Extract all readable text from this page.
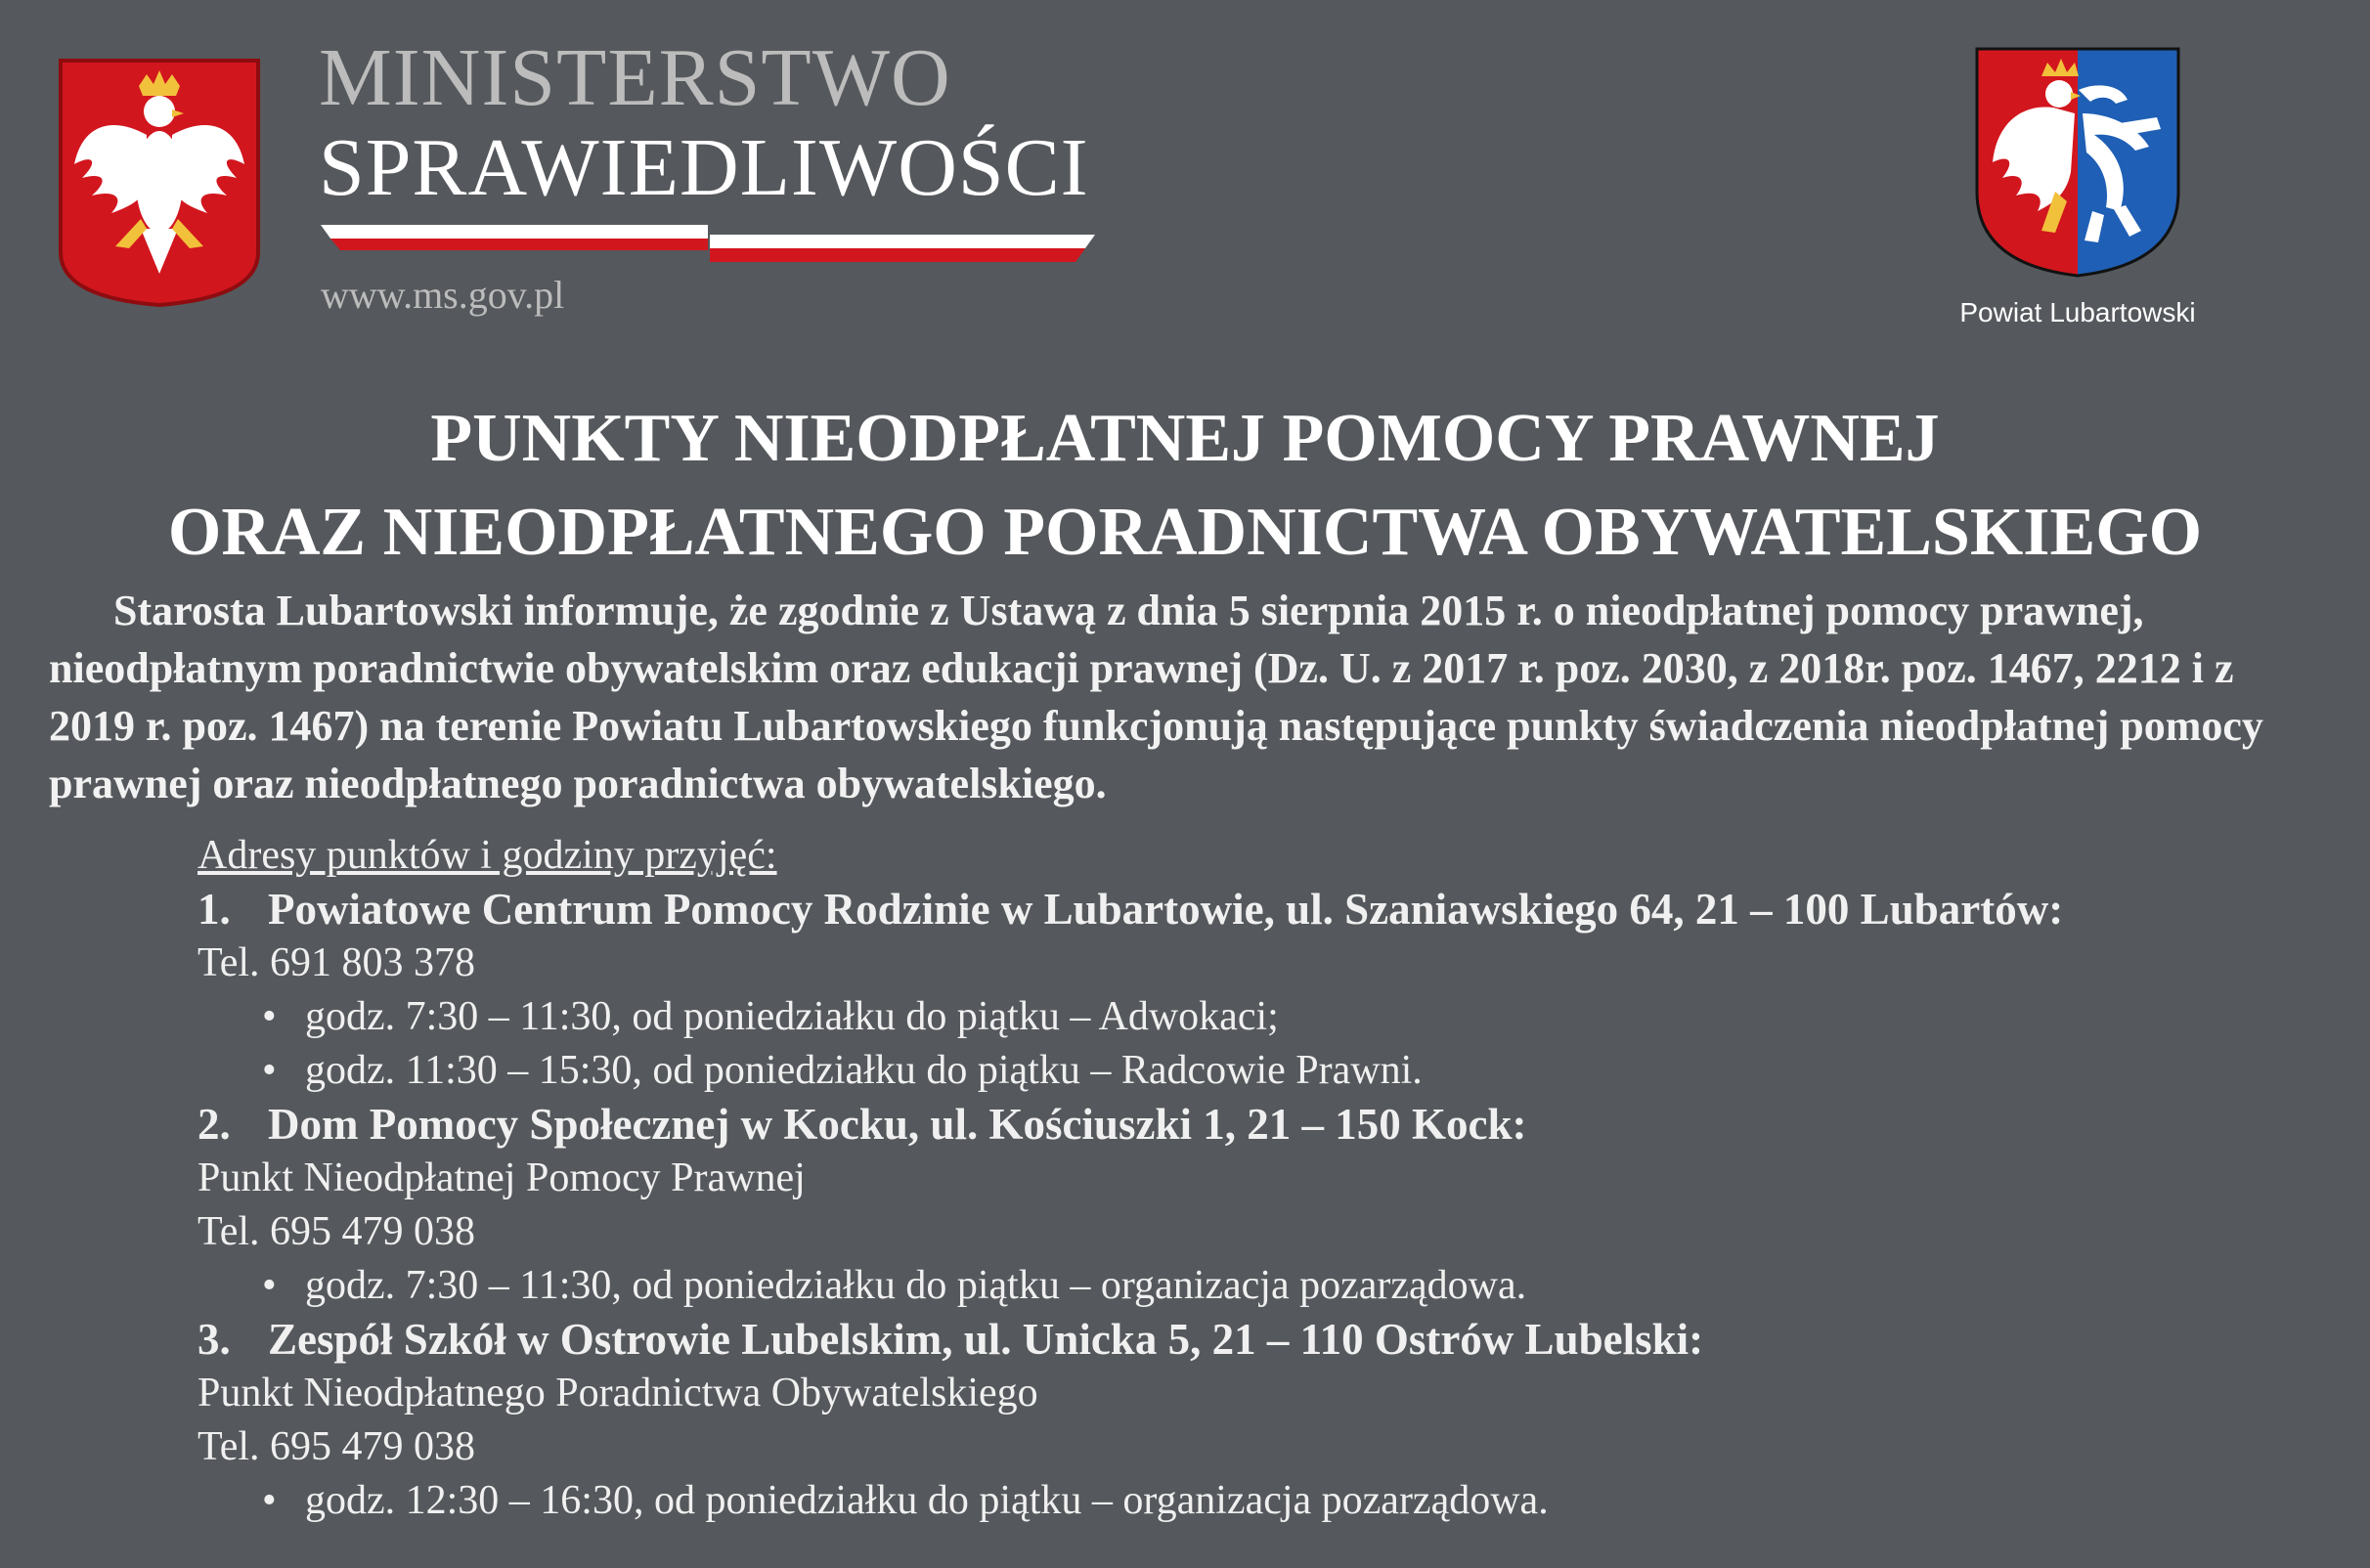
MINISTERSTWO
SPRAWIEDLIWOŚCI
www.ms.gov.pl	Powiat Lubartowski
PUNKTY NIEODPŁATNEJ POMOCY PRAWNEJ
ORAZ NIEODPŁATNEGO PORADNICTWA OBYWATELSKIEGO

Starosta Lubartowski informuje, że zgodnie z Ustawą z dnia 5 sierpnia 2015 r. o nieodpłatnej pomocy prawnej, nieodpłatnym poradnictwie obywatelskim oraz edukacji prawnej (Dz. U. z 2017 r. poz. 2030, z 2018r. poz. 1467, 2212 i z 2019 r. poz. 1467) na terenie Powiatu Lubartowskiego funkcjonują następujące punkty świadczenia nieodpłatnej pomocy prawnej oraz nieodpłatnego poradnictwa obywatelskiego.

Adresy punktów i godziny przyjęć:
1. Powiatowe Centrum Pomocy Rodzinie w Lubartowie, ul. Szaniawskiego 64, 21 – 100 Lubartów:
Tel. 691 803 378
• godz. 7:30 – 11:30, od poniedziałku do piątku – Adwokaci;
• godz. 11:30 – 15:30, od poniedziałku do piątku – Radcowie Prawni.
2. Dom Pomocy Społecznej w Kocku, ul. Kościuszki 1, 21 – 150 Kock:
Punkt Nieodpłatnej Pomocy Prawnej
Tel. 695 479 038
• godz. 7:30 – 11:30, od poniedziałku do piątku – organizacja pozarządowa.
3. Zespół Szkół w Ostrowie Lubelskim, ul. Unicka 5, 21 – 110 Ostrów Lubelski:
Punkt Nieodpłatnego Poradnictwa Obywatelskiego
Tel. 695 479 038
• godz. 12:30 – 16:30, od poniedziałku do piątku – organizacja pozarządowa.
